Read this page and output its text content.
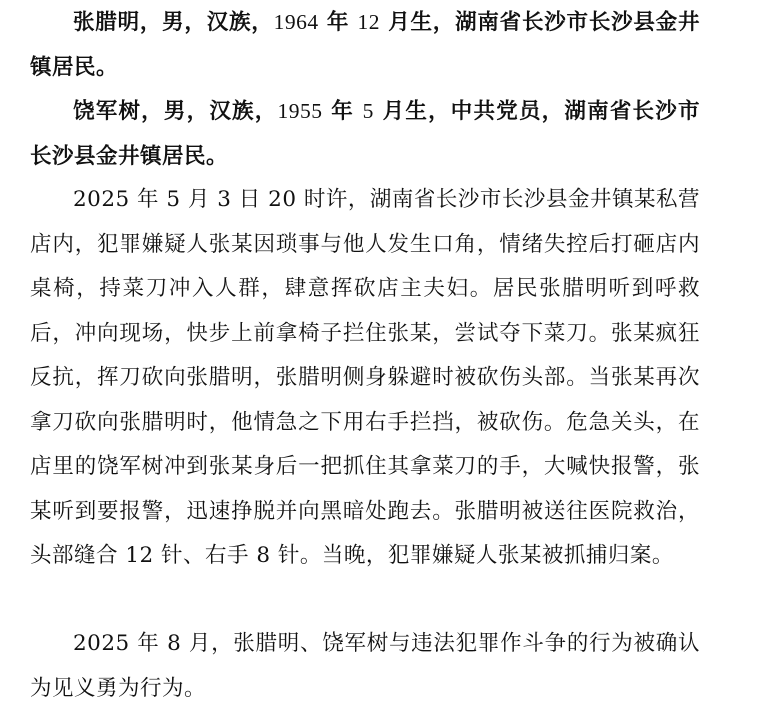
张腊明，男，汉族，1964 年 12 月生，湖南省长沙市长沙县金井镇居民。

饶军树，男，汉族，1955 年 5 月生，中共党员，湖南省长沙市长沙县金井镇居民。

2025 年 5 月 3 日 20 时许，湖南省长沙市长沙县金井镇某私营店内，犯罪嫌疑人张某因琐事与他人发生口角，情绪失控后打砸店内桌椅，持菜刀冲入人群，肆意挥砍店主夫妇。居民张腊明听到呼救后，冲向现场，快步上前拿椅子拦住张某，尝试夺下菜刀。张某疯狂反抗，挥刀砍向张腊明，张腊明侧身躲避时被砍伤头部。当张某再次拿刀砍向张腊明时，他情急之下用右手拦挡，被砍伤。危急关头，在店里的饶军树冲到张某身后一把抓住其拿菜刀的手，大喊快报警，张某听到要报警，迅速挣脱并向黑暗处跑去。张腊明被送往医院救治，头部缝合 12 针、右手 8 针。当晚，犯罪嫌疑人张某被抓捕归案。

2025 年 8 月，张腊明、饶军树与违法犯罪作斗争的行为被确认为见义勇为行为。
